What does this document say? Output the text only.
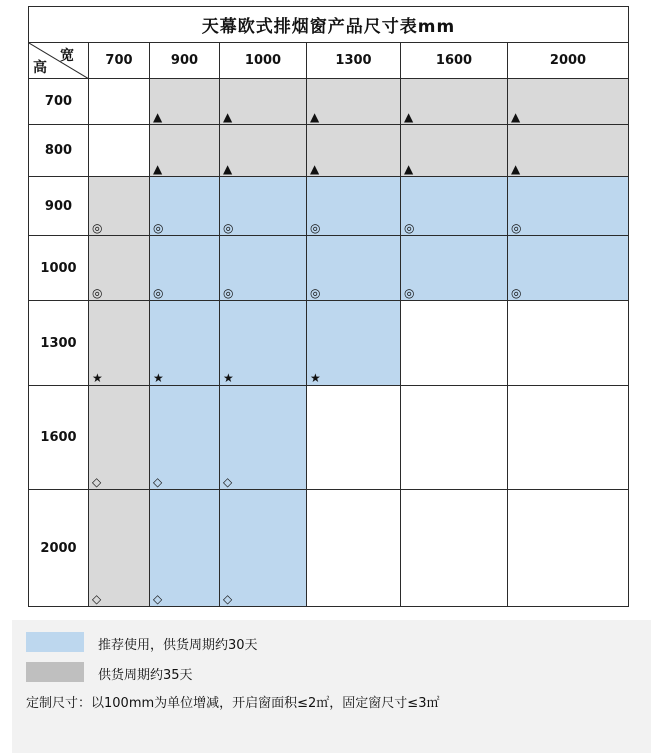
天幕欧式排烟窗产品尺寸表mm						

宽
高	700	900	1000	1300	1600	2000
700		▲	▲	▲	▲	▲

800		▲	▲	▲	▲	▲

900	◎	◎	◎	◎	◎	◎

1000	◎	◎	◎	◎	◎	◎

1300	★	★	★	★		

1600	◇	◇	◇			

2000	◇	◇	◇			

推荐使用，供货周期约30天
供货周期约35天
定制尺寸：以100mm为单位增减，开启窗面积≤2㎡，固定窗尺寸≤3㎡
